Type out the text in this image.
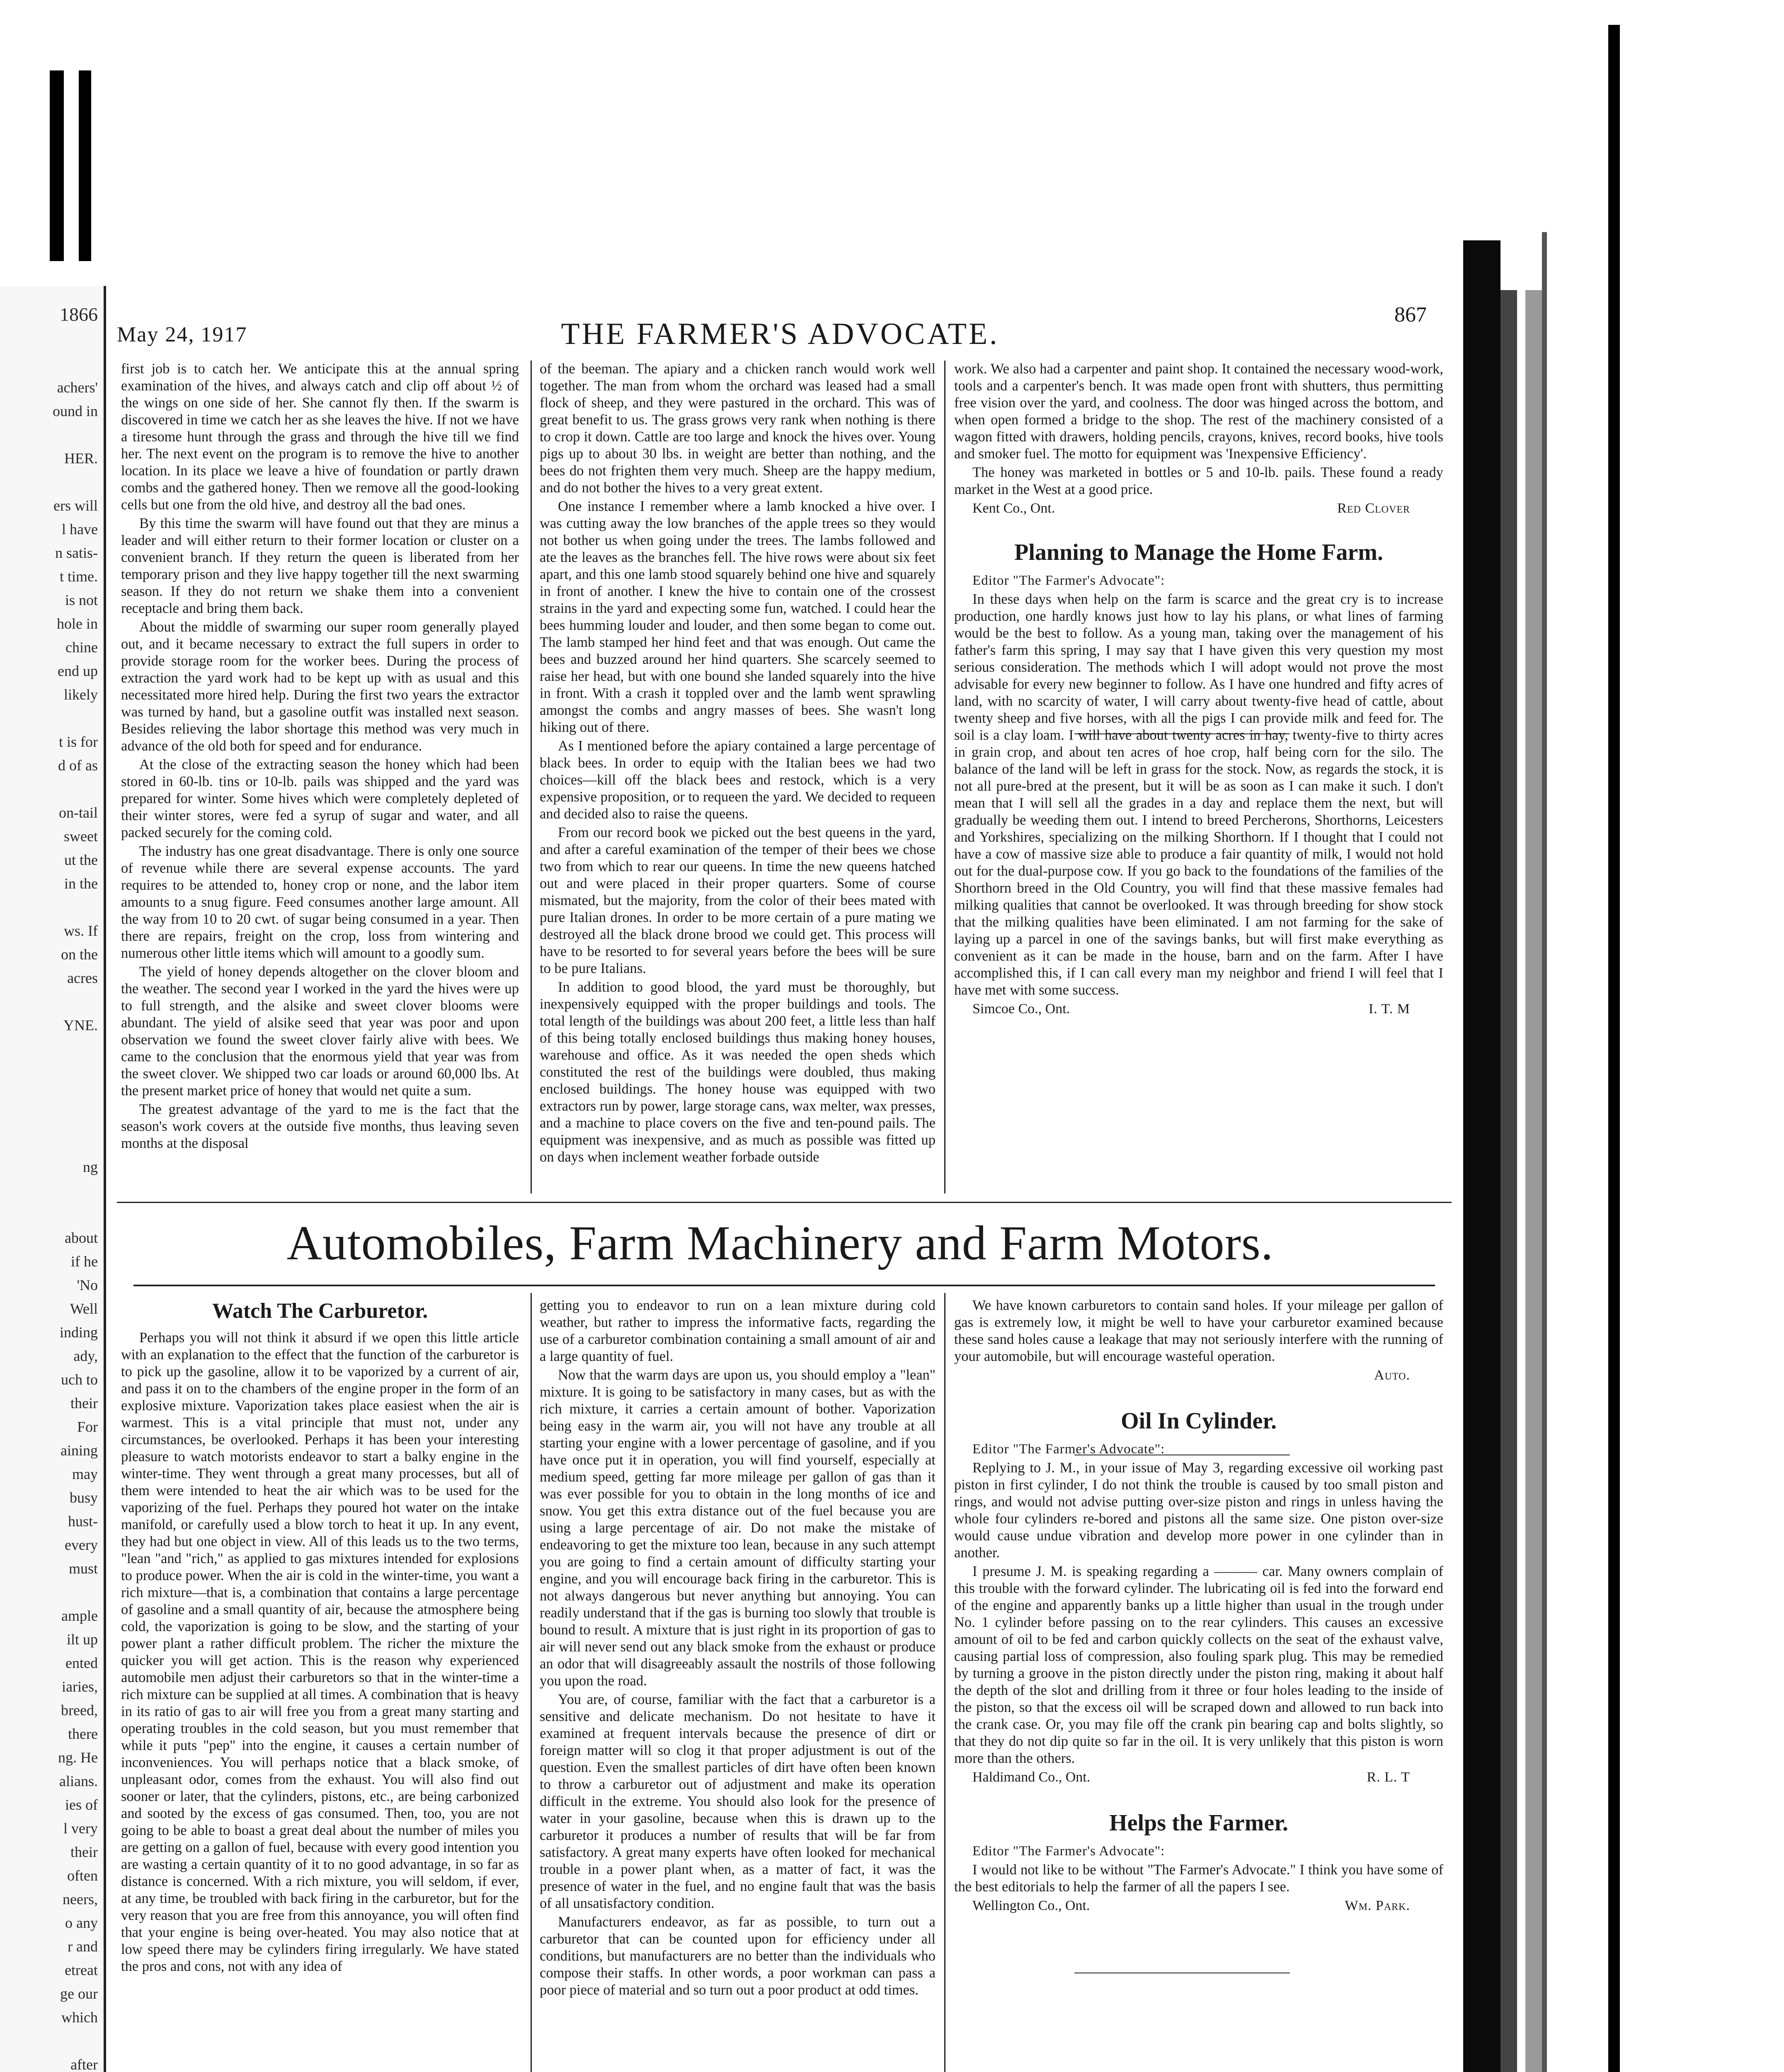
1866
achers'
ound in

HER.

ers will
l have
n satis-
t time.
is not
hole in
chine
end up
likely

t is for
d of as

on-tail
sweet
ut the
in the

ws. If
on the
acres

YNE.

ng

about
if he
'No
Well
inding
ady,
uch to
their
For
aining
may
busy
hust-
every
must

ample
ilt up
ented
iaries,
breed,
there
ng. He
alians.
ies of
l very
their
often
neers,
o any
r and
etreat
ge our
which

after

May 24, 1917	THE FARMER'S ADVOCATE.
867

first job is to catch her. We anticipate this at the annual spring examination of the hives, and always catch and clip off about ½ of the wings on one side of her. She cannot fly then. If the swarm is discovered in time we catch her as she leaves the hive. If not we have a tiresome hunt through the grass and through the hive till we find her. The next event on the program is to remove the hive to another location. In its place we leave a hive of foundation or partly drawn combs and the gathered honey. Then we remove all the good-looking cells but one from the old hive, and destroy all the bad ones.

By this time the swarm will have found out that they are minus a leader and will either return to their former location or cluster on a convenient branch. If they return the queen is liberated from her temporary prison and they live happy together till the next swarming season. If they do not return we shake them into a convenient receptacle and bring them back.

About the middle of swarming our super room generally played out, and it became necessary to extract the full supers in order to provide storage room for the worker bees. During the process of extraction the yard work had to be kept up with as usual and this necessitated more hired help. During the first two years the extractor was turned by hand, but a gasoline outfit was installed next season. Besides relieving the labor shortage this method was very much in advance of the old both for speed and for endurance.

At the close of the extracting season the honey which had been stored in 60-lb. tins or 10-lb. pails was shipped and the yard was prepared for winter. Some hives which were completely depleted of their winter stores, were fed a syrup of sugar and water, and all packed securely for the coming cold.

The industry has one great disadvantage. There is only one source of revenue while there are several expense accounts. The yard requires to be attended to, honey crop or none, and the labor item amounts to a snug figure. Feed consumes another large amount. All the way from 10 to 20 cwt. of sugar being consumed in a year. Then there are repairs, freight on the crop, loss from wintering and numerous other little items which will amount to a goodly sum.

The yield of honey depends altogether on the clover bloom and the weather. The second year I worked in the yard the hives were up to full strength, and the alsike and sweet clover blooms were abundant. The yield of alsike seed that year was poor and upon observation we found the sweet clover fairly alive with bees. We came to the conclusion that the enormous yield that year was from the sweet clover. We shipped two car loads or around 60,000 lbs. At the present market price of honey that would net quite a sum.

The greatest advantage of the yard to me is the fact that the season's work covers at the outside five months, thus leaving seven months at the disposal

of the beeman. The apiary and a chicken ranch would work well together. The man from whom the orchard was leased had a small flock of sheep, and they were pastured in the orchard. This was of great benefit to us. The grass grows very rank when nothing is there to crop it down. Cattle are too large and knock the hives over. Young pigs up to about 30 lbs. in weight are better than nothing, and the bees do not frighten them very much. Sheep are the happy medium, and do not bother the hives to a very great extent.

One instance I remember where a lamb knocked a hive over. I was cutting away the low branches of the apple trees so they would not bother us when going under the trees. The lambs followed and ate the leaves as the branches fell. The hive rows were about six feet apart, and this one lamb stood squarely behind one hive and squarely in front of another. I knew the hive to contain one of the crossest strains in the yard and expecting some fun, watched. I could hear the bees humming louder and louder, and then some began to come out. The lamb stamped her hind feet and that was enough. Out came the bees and buzzed around her hind quarters. She scarcely seemed to raise her head, but with one bound she landed squarely into the hive in front. With a crash it toppled over and the lamb went sprawling amongst the combs and angry masses of bees. She wasn't long hiking out of there.

As I mentioned before the apiary contained a large percentage of black bees. In order to equip with the Italian bees we had two choices—kill off the black bees and restock, which is a very expensive proposition, or to requeen the yard. We decided to requeen and decided also to raise the queens.

From our record book we picked out the best queens in the yard, and after a careful examination of the temper of their bees we chose two from which to rear our queens. In time the new queens hatched out and were placed in their proper quarters. Some of course mismated, but the majority, from the color of their bees mated with pure Italian drones. In order to be more certain of a pure mating we destroyed all the black drone brood we could get. This process will have to be resorted to for several years before the bees will be sure to be pure Italians.

In addition to good blood, the yard must be thoroughly, but inexpensively equipped with the proper buildings and tools. The total length of the buildings was about 200 feet, a little less than half of this being totally enclosed buildings thus making honey houses, warehouse and office. As it was needed the open sheds which constituted the rest of the buildings were doubled, thus making enclosed buildings. The honey house was equipped with two extractors run by power, large storage cans, wax melter, wax presses, and a machine to place covers on the five and ten-pound pails. The equipment was inexpensive, and as much as possible was fitted up on days when inclement weather forbade outside

work. We also had a carpenter and paint shop. It contained the necessary wood-work, tools and a carpenter's bench. It was made open front with shutters, thus permitting free vision over the yard, and coolness. The door was hinged across the bottom, and when open formed a bridge to the shop. The rest of the machinery consisted of a wagon fitted with drawers, holding pencils, crayons, knives, record books, hive tools and smoker fuel. The motto for equipment was 'Inexpensive Efficiency'.

The honey was marketed in bottles or 5 and 10-lb. pails. These found a ready market in the West at a good price.

Kent Co., Ont.	Red Clover
Planning to Manage the Home Farm.

Editor "The Farmer's Advocate":

In these days when help on the farm is scarce and the great cry is to increase production, one hardly knows just how to lay his plans, or what lines of farming would be the best to follow. As a young man, taking over the management of his father's farm this spring, I may say that I have given this very question my most serious consideration. The methods which I will adopt would not prove the most advisable for every new beginner to follow. As I have one hundred and fifty acres of land, with no scarcity of water, I will carry about twenty-five head of cattle, about twenty sheep and five horses, with all the pigs I can provide milk and feed for. The soil is a clay loam. I will have about twenty acres in hay, twenty-five to thirty acres in grain crop, and about ten acres of hoe crop, half being corn for the silo. The balance of the land will be left in grass for the stock. Now, as regards the stock, it is not all pure-bred at the present, but it will be as soon as I can make it such. I don't mean that I will sell all the grades in a day and replace them the next, but will gradually be weeding them out. I intend to breed Percherons, Shorthorns, Leicesters and Yorkshires, specializing on the milking Shorthorn. If I thought that I could not have a cow of massive size able to produce a fair quantity of milk, I would not hold out for the dual-purpose cow. If you go back to the foundations of the families of the Shorthorn breed in the Old Country, you will find that these massive females had milking qualities that cannot be overlooked. It was through breeding for show stock that the milking qualities have been eliminated. I am not farming for the sake of laying up a parcel in one of the savings banks, but will first make everything as convenient as it can be made in the house, barn and on the farm. After I have accomplished this, if I can call every man my neighbor and friend I will feel that I have met with some success.

Simcoe Co., Ont.	I. T. M
Automobiles, Farm Machinery and Farm Motors.
Watch The Carburetor.

Perhaps you will not think it absurd if we open this little article with an explanation to the effect that the function of the carburetor is to pick up the gasoline, allow it to be vaporized by a current of air, and pass it on to the chambers of the engine proper in the form of an explosive mixture. Vaporization takes place easiest when the air is warmest. This is a vital principle that must not, under any circumstances, be overlooked. Perhaps it has been your interesting pleasure to watch motorists endeavor to start a balky engine in the winter-time. They went through a great many processes, but all of them were intended to heat the air which was to be used for the vaporizing of the fuel. Perhaps they poured hot water on the intake manifold, or carefully used a blow torch to heat it up. In any event, they had but one object in view. All of this leads us to the two terms, "lean "and "rich," as applied to gas mixtures intended for explosions to produce power. When the air is cold in the winter-time, you want a rich mixture—that is, a combination that contains a large percentage of gasoline and a small quantity of air, because the atmosphere being cold, the vaporization is going to be slow, and the starting of your power plant a rather difficult problem. The richer the mixture the quicker you will get action. This is the reason why experienced automobile men adjust their carburetors so that in the winter-time a rich mixture can be supplied at all times. A combination that is heavy in its ratio of gas to air will free you from a great many starting and operating troubles in the cold season, but you must remember that while it puts "pep" into the engine, it causes a certain number of inconveniences. You will perhaps notice that a black smoke, of unpleasant odor, comes from the exhaust. You will also find out sooner or later, that the cylinders, pistons, etc., are being carbonized and sooted by the excess of gas consumed. Then, too, you are not going to be able to boast a great deal about the number of miles you are getting on a gallon of fuel, because with every good intention you are wasting a certain quantity of it to no good advantage, in so far as distance is concerned. With a rich mixture, you will seldom, if ever, at any time, be troubled with back firing in the carburetor, but for the very reason that you are free from this annoyance, you will often find that your engine is being over-heated. You may also notice that at low speed there may be cylinders firing irregularly. We have stated the pros and cons, not with any idea of

getting you to endeavor to run on a lean mixture during cold weather, but rather to impress the informative facts, regarding the use of a carburetor combination containing a small amount of air and a large quantity of fuel.

Now that the warm days are upon us, you should employ a "lean" mixture. It is going to be satisfactory in many cases, but as with the rich mixture, it carries a certain amount of bother. Vaporization being easy in the warm air, you will not have any trouble at all starting your engine with a lower percentage of gasoline, and if you have once put it in operation, you will find yourself, especially at medium speed, getting far more mileage per gallon of gas than it was ever possible for you to obtain in the long months of ice and snow. You get this extra distance out of the fuel because you are using a large percentage of air. Do not make the mistake of endeavoring to get the mixture too lean, because in any such attempt you are going to find a certain amount of difficulty starting your engine, and you will encourage back firing in the carburetor. This is not always dangerous but never anything but annoying. You can readily understand that if the gas is burning too slowly that trouble is bound to result. A mixture that is just right in its proportion of gas to air will never send out any black smoke from the exhaust or produce an odor that will disagreeably assault the nostrils of those following you upon the road.

You are, of course, familiar with the fact that a carburetor is a sensitive and delicate mechanism. Do not hesitate to have it examined at frequent intervals because the presence of dirt or foreign matter will so clog it that proper adjustment is out of the question. Even the smallest particles of dirt have often been known to throw a carburetor out of adjustment and make its operation difficult in the extreme. You should also look for the presence of water in your gasoline, because when this is drawn up to the carburetor it produces a number of results that will be far from satisfactory. A great many experts have often looked for mechanical trouble in a power plant when, as a matter of fact, it was the presence of water in the fuel, and no engine fault that was the basis of all unsatisfactory condition.

Manufacturers endeavor, as far as possible, to turn out a carburetor that can be counted upon for efficiency under all conditions, but manufacturers are no better than the individuals who compose their staffs. In other words, a poor workman can pass a poor piece of material and so turn out a poor product at odd times.

We have known carburetors to contain sand holes. If your mileage per gallon of gas is extremely low, it might be well to have your carburetor examined because these sand holes cause a leakage that may not seriously interfere with the running of your automobile, but will encourage wasteful operation.

Auto.
Oil In Cylinder.

Editor "The Farmer's Advocate":

Replying to J. M., in your issue of May 3, regarding excessive oil working past piston in first cylinder, I do not think the trouble is caused by too small piston and rings, and would not advise putting over-size piston and rings in unless having the whole four cylinders re-bored and pistons all the same size. One piston over-size would cause undue vibration and develop more power in one cylinder than in another.

I presume J. M. is speaking regarding a ——— car. Many owners complain of this trouble with the forward cylinder. The lubricating oil is fed into the forward end of the engine and apparently banks up a little higher than usual in the trough under No. 1 cylinder before passing on to the rear cylinders. This causes an excessive amount of oil to be fed and carbon quickly collects on the seat of the exhaust valve, causing partial loss of compression, also fouling spark plug. This may be remedied by turning a groove in the piston directly under the piston ring, making it about half the depth of the slot and drilling from it three or four holes leading to the inside of the piston, so that the excess oil will be scraped down and allowed to run back into the crank case. Or, you may file off the crank pin bearing cap and bolts slightly, so that they do not dip quite so far in the oil. It is very unlikely that this piston is worn more than the others.

Haldimand Co., Ont.	R. L. T
Helps the Farmer.

Editor "The Farmer's Advocate":

I would not like to be without "The Farmer's Advocate." I think you have some of the best editorials to help the farmer of all the papers I see.

Wellington Co., Ont.	Wm. Park.
